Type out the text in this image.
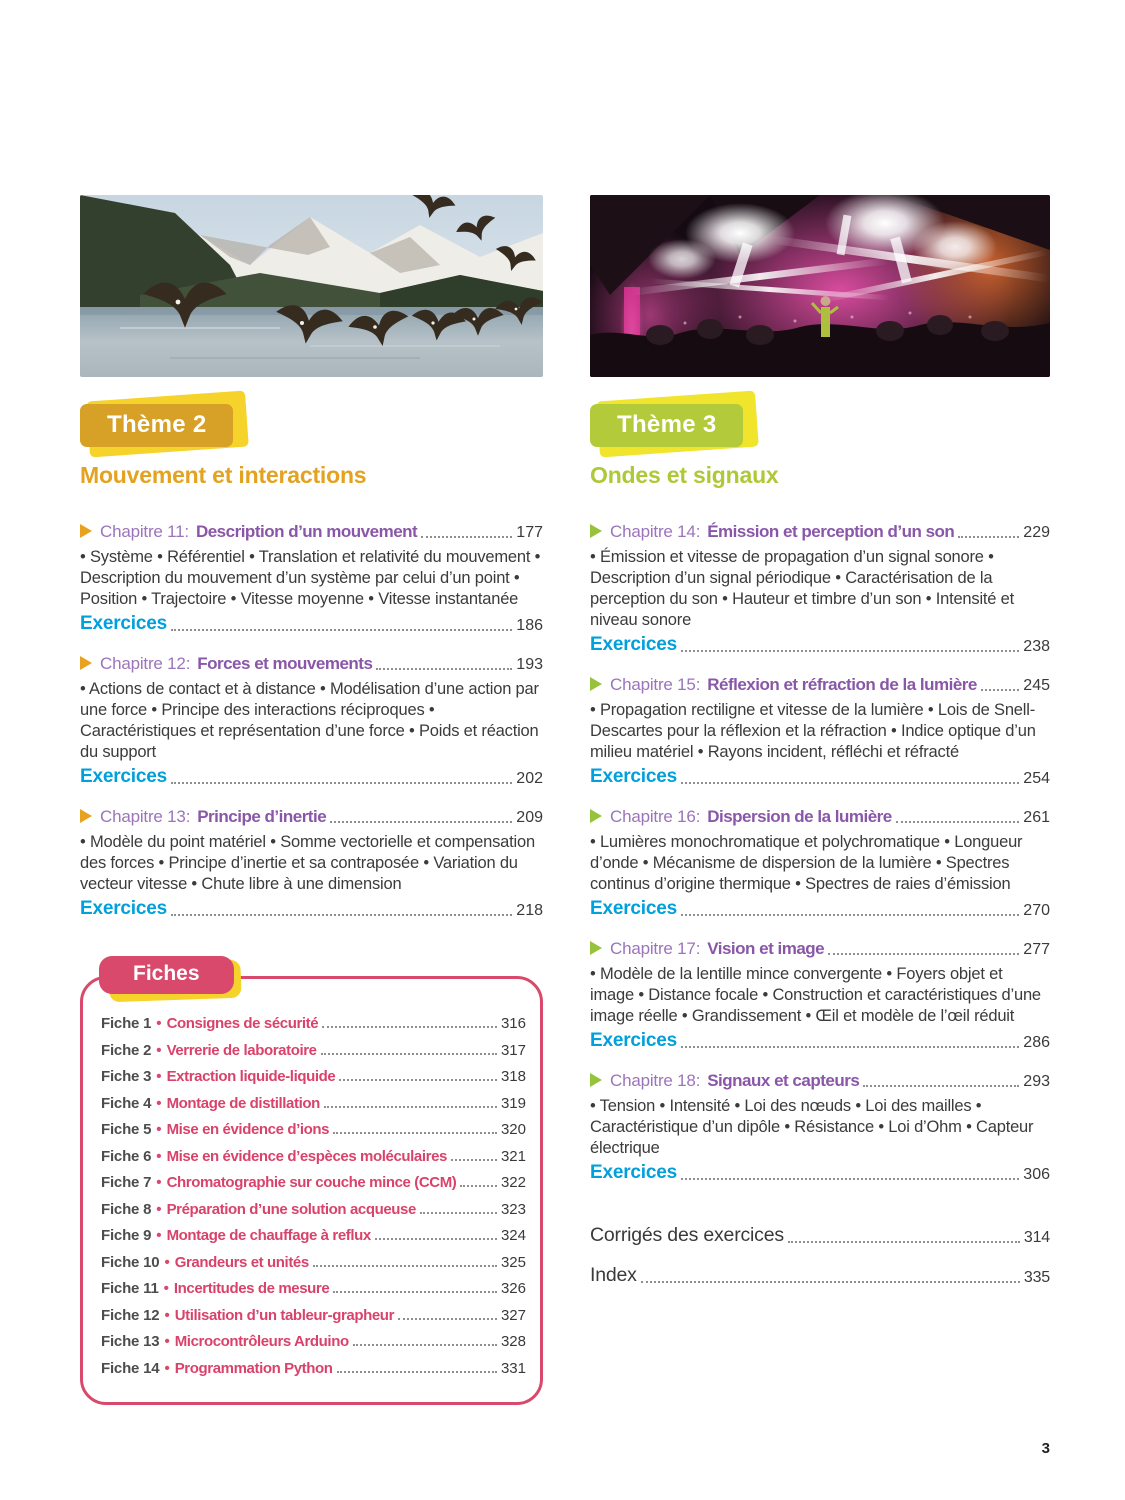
Thème 2
Mouvement et interactions
Chapitre 11: Description d’un mouvement	177

• Système • Référentiel • Translation et relativité du mouvement • Description du mouvement d’un système par celui d’un point • Position • Trajectoire • Vitesse moyenne • Vitesse instantanée

Exercices	186
Chapitre 12: Forces et mouvements	193

• Actions de contact et à distance • Modélisation d’une action par une force • Principe des interactions réciproques • Caractéristiques et représentation d’une force • Poids et réaction du support

Exercices	202
Chapitre 13: Principe d’inertie	209

• Modèle du point matériel • Somme vectorielle et compensation des forces • Principe d’inertie et sa contraposée • Variation du vecteur vitesse • Chute libre à une dimension

Exercices	218
Fiches
Fiche 1 • Consignes de sécurité	316
Fiche 2 • Verrerie de laboratoire	317
Fiche 3 • Extraction liquide-liquide	318
Fiche 4 • Montage de distillation	319
Fiche 5 • Mise en évidence d’ions	320
Fiche 6 • Mise en évidence d’espèces moléculaires	321
Fiche 7 • Chromatographie sur couche mince (CCM)	322
Fiche 8 • Préparation d’une solution acqueuse	323
Fiche 9 • Montage de chauffage à reflux	324
Fiche 10 • Grandeurs et unités	325
Fiche 11 • Incertitudes de mesure	326
Fiche 12 • Utilisation d’un tableur-grapheur	327
Fiche 13 • Microcontrôleurs Arduino	328
Fiche 14 • Programmation Python	331
Thème 3
Ondes et signaux
Chapitre 14: Émission et perception d’un son	229

• Émission et vitesse de propagation d’un signal sonore • Description d’un signal périodique • Caractérisation de la perception du son • Hauteur et timbre d’un son • Intensité et niveau sonore

Exercices	238
Chapitre 15: Réflexion et réfraction de la lumière	245

• Propagation rectiligne et vitesse de la lumière • Lois de Snell-Descartes pour la réflexion et la réfraction • Indice optique d’un milieu matériel • Rayons incident, réfléchi et réfracté

Exercices	254
Chapitre 16: Dispersion de la lumière	261

• Lumières monochromatique et polychromatique • Longueur d’onde • Mécanisme de dispersion de la lumière • Spectres continus d’origine thermique • Spectres de raies d’émission

Exercices	270
Chapitre 17: Vision et image	277

• Modèle de la lentille mince convergente • Foyers objet et image • Distance focale • Construction et caractéristiques d’une image réelle • Grandissement • Œil et modèle de l’œil réduit

Exercices	286
Chapitre 18: Signaux et capteurs	293

• Tension • Intensité • Loi des nœuds • Loi des mailles • Caractéristique d’un dipôle • Résistance • Loi d’Ohm • Capteur électrique

Exercices	306
Corrigés des exercices	314
Index	335
3
